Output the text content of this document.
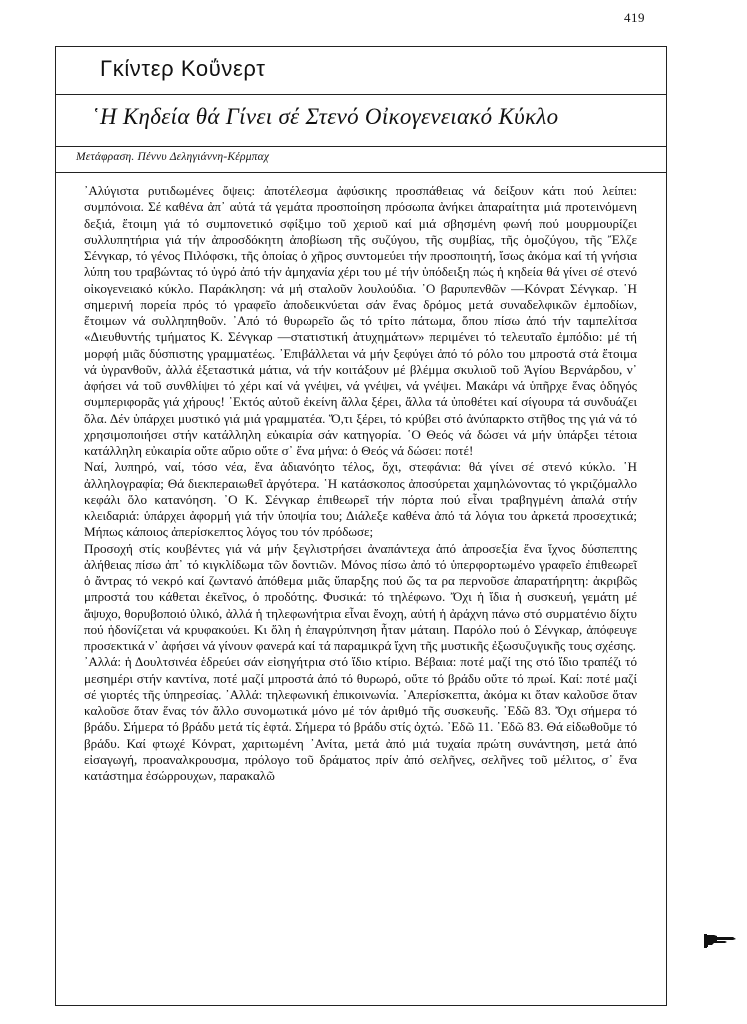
419
Γκίντερ Κοΰνερτ
῾Η Κηδεία θά Γίνει σέ Στενό Οἰκογενειακό Κύκλο
Μετάφραση. Πέννυ Δεληγιάννη-Κέρμπαχ

᾿Αλύγιστα ρυτιδωμένες ὄψεις: ἀποτέλεσμα ἀφύσικης προσπάθειας νά δείξουν κάτι πού λείπει: συμπόνοια. Σέ καθένα ἀπ᾿ αὐτά τά γεμάτα προσποίηση πρόσωπα ἀνήκει ἀπαραίτητα μιά προτεινόμενη δεξιά, ἕτοιμη γιά τό συμπονετικό σφίξιμο τοῦ χεριοῦ καί μιά σβησμένη φωνή πού μουρμουρίζει συλλυπητήρια γιά τήν ἀπροσδόκητη ἀποβίωση τῆς συζύγου, τῆς συμβίας, τῆς ὁμοζύγου, τῆς Ἔλζε Σένγκαρ, τό γένος Πιλόφσκι, τῆς ὁποίας ὁ χῆρος συντομεύει τήν προσποιητή, ἴσως ἀκόμα καί τή γνήσια λύπη του τραβώντας τό ὑγρό ἀπό τήν ἀμηχανία χέρι του μέ τήν ὑπόδειξη πώς ἡ κηδεία θά γίνει σέ στενό οἰκογενειακό κύκλο. Παράκληση: νά μή σταλοῦν λουλούδια. ᾿Ο βαρυπενθῶν —Κόνρατ Σένγκαρ. ῾Η σημερινή πορεία πρός τό γραφεῖο ἀποδεικνύεται σάν ἕνας δρόμος μετά συναδελφικῶν ἐμποδίων, ἕτοιμων νά συλληπηθοῦν. ᾿Από τό θυρωρεῖο ὥς τό τρίτο πάτωμα, ὅπου πίσω ἀπό τήν ταμπελίτσα «Διευθυντής τμήματος Κ. Σένγκαρ —στατιστική ἀτυχημάτων» περιμένει τό τελευταῖο ἐμπόδιο: μέ τή μορφή μιᾶς δύσπιστης γραμματέως. ᾿Επιβάλλεται νά μήν ξεφύγει ἀπό τό ρόλο του μπροστά στά ἕτοιμα νά ὑγρανθοῦν, ἀλλά ἐξεταστικά μάτια, νά τήν κοιτάξουν μέ βλέμμα σκυλιοῦ τοῦ Ἁγίου Βερνάρδου, ν᾿ ἀφήσει νά τοῦ συνθλίψει τό χέρι καί νά γνέψει, νά γνέψει, νά γνέψει. Μακάρι νά ὑπῆρχε ἕνας ὁδηγός συμπεριφορᾶς γιά χήρους! ᾿Εκτός αὐτοῦ ἐκείνη ἄλλα ξέρει, ἄλλα τά ὑποθέτει καί σίγουρα τά συνδυάζει ὅλα. Δέν ὑπάρχει μυστικό γιά μιά γραμματέα. Ὅ,τι ξέρει, τό κρύβει στό ἀνύπαρκτο στῆθος της γιά νά τό χρησιμοποιήσει στήν κατάλληλη εὐκαιρία σάν κατηγορία. ῾Ο Θεός νά δώσει νά μήν ὑπάρξει τέτοια κατάλληλη εὐκαιρία οὔτε αὔριο οὔτε σ᾿ ἕνα μήνα: ὁ Θεός νά δώσει: ποτέ!

Ναί, λυπηρό, ναί, τόσο νέα, ἕνα ἀδιανόητο τέλος, ὄχι, στεφάνια: θά γίνει σέ στενό κύκλο. ῾Η ἀλληλογραφία; Θά διεκπεραιωθεῖ ἀργότερα. ῾Η κατάσκοπος ἀποσύρεται χαμηλώνοντας τό γκριζόμαλλο κεφάλι ὅλο κατανόηση. ᾿Ο Κ. Σένγκαρ ἐπιθεωρεῖ τήν πόρτα πού εἶναι τραβηγμένη ἀπαλά στήν κλειδαριά: ὑπάρχει ἀφορμή γιά τήν ὑποψία του; Διάλεξε καθένα ἀπό τά λόγια του ἀρκετά προσεχτικά; Μήπως κάποιος ἀπερίσκεπτος λόγος του τόν πρόδωσε;

Προσοχή στίς κουβέντες γιά νά μήν ξεγλιστρήσει ἀναπάντεχα ἀπό ἀπροσεξία ἕνα ἴχνος δύσπεπτης ἀλήθειας πίσω ἀπ᾿ τό κιγκλίδωμα τῶν δοντιῶν. Μόνος πίσω ἀπό τό ὑπερφορτωμένο γραφεῖο ἐπιθεωρεῖ ὁ ἄντρας τό νεκρό καί ζωντανό ἀπόθεμα μιᾶς ὕπαρξης πού ὥς τα ρα περνοῦσε ἀπαρατήρητη: ἀκριβῶς μπροστά του κάθεται ἐκεῖνος, ὁ προδότης. Φυσικά: τό τηλέφωνο. Ὄχι ἡ ἴδια ἡ συσκευή, γεμάτη μέ ἄψυχο, θορυβοποιό ὑλικό, ἀλλά ἡ τηλεφωνήτρια εἶναι ἔνοχη, αὐτή ἡ ἀράχνη πάνω στό συρματένιο δίχτυ πού ἡδονίζεται νά κρυφακούει. Κι ὅλη ἡ ἐπαγρύπνηση ἦταν μάταιη. Παρόλο πού ὁ Σένγκαρ, ἀπόφευγε προσεκτικά ν᾿ ἀφήσει νά γίνουν φανερά καί τά παραμικρά ἴχνη τῆς μυστικῆς ἐξωσυζυγικῆς τους σχέσης.

᾿Αλλά: ἡ Δουλτσινέα ἑδρεύει σάν εἰσηγήτρια στό ἴδιο κτίριο. Βέβαια: ποτέ μαζί της στό ἴδιο τραπέζι τό μεσημέρι στήν καντίνα, ποτέ μαζί μπροστά ἀπό τό θυρωρό, οὔτε τό βράδυ οὔτε τό πρωί. Καί: ποτέ μαζί σέ γιορτές τῆς ὑπηρεσίας. ᾿Αλλά: τηλεφωνική ἐπικοινωνία. ᾿Απερίσκεπτα, ἀκόμα κι ὅταν καλοῦσε ὅταν καλοῦσε ὅταν ἕνας τόν ἄλλο συνομωτικά μόνο μέ τόν ἀριθμό τῆς συσκευῆς. ᾿Εδῶ 83. Ὄχι σήμερα τό βράδυ. Σήμερα τό βράδυ μετά τίς ἑφτά. Σήμερα τό βράδυ στίς ὀχτώ. ᾿Εδῶ 11. ᾿Εδῶ 83. Θά εἰδωθοῦμε τό βράδυ. Καί φτωχέ Κόνρατ, χαριτωμένη ᾿Ανίτα, μετά ἀπό μιά τυχαία πρώτη συνάντηση, μετά ἀπό εἰσαγωγή, προαναλκρουσμα, πρόλογο τοῦ δράματος πρίν ἀπό σελῆνες, σελῆνες τοῦ μέλιτος, σ᾿ ἕνα κατάστημα ἐσώρρουχων, παρακαλῶ
